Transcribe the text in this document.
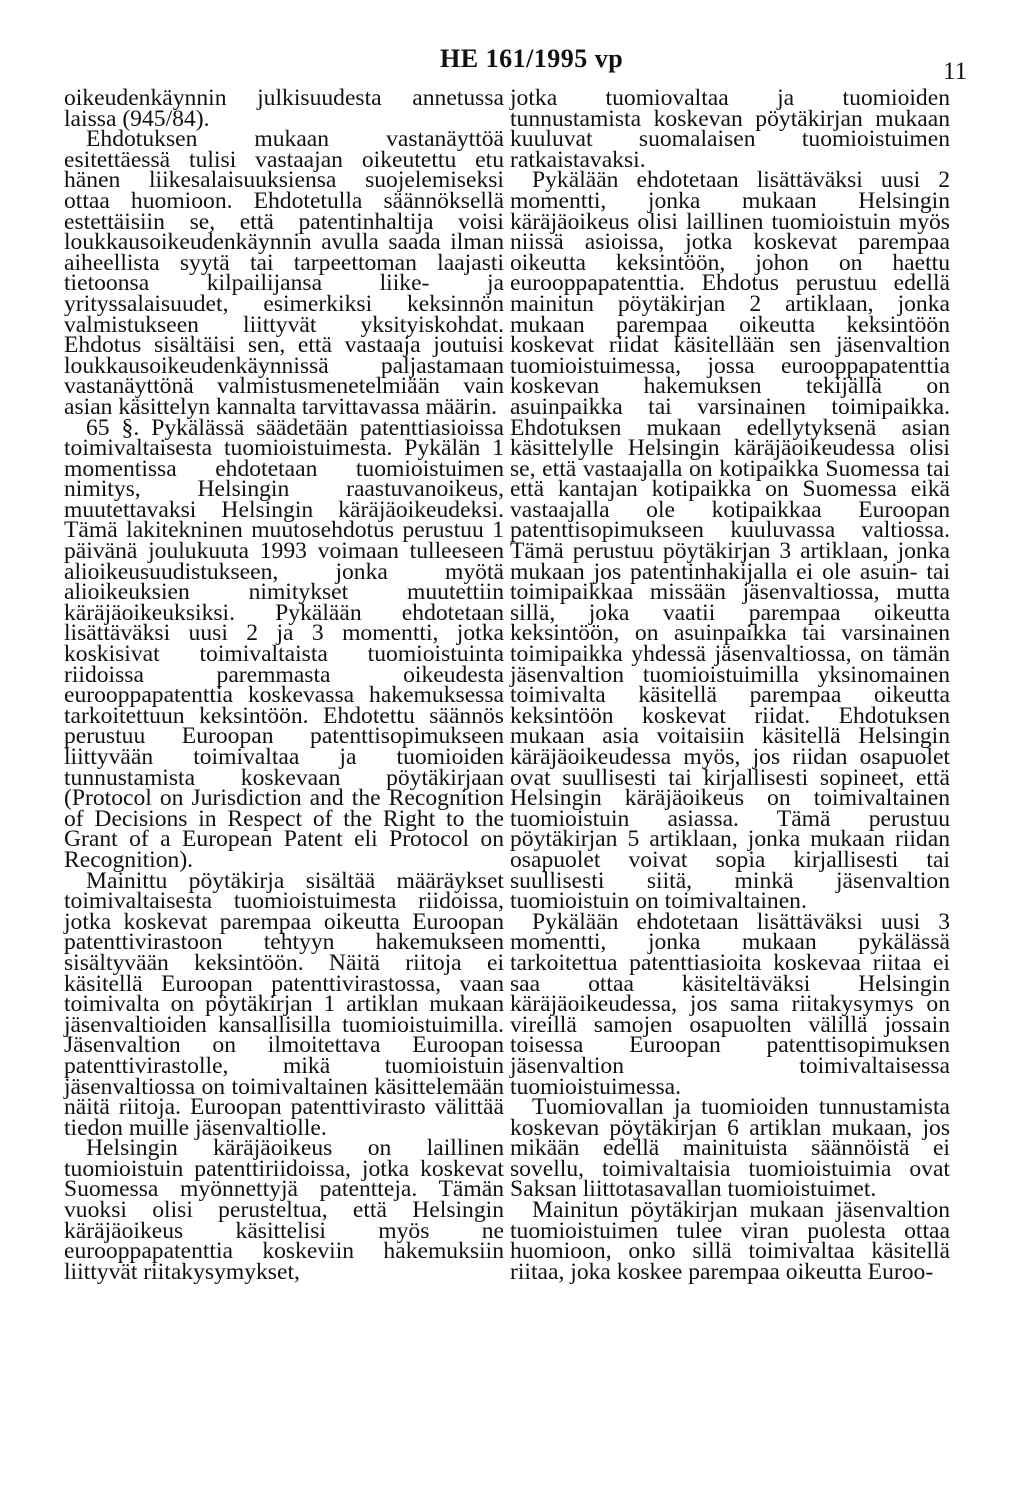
HE 161/1995 vp	11

oikeudenkäynnin julkisuudesta annetussa laissa (945/84).

Ehdotuksen mukaan vastanäyttöä esitettäessä tulisi vastaajan oikeutettu etu hänen liikesalaisuuksiensa suojelemiseksi ottaa huomioon. Ehdotetulla säännöksellä estettäisiin se, että patentinhaltija voisi loukkausoikeudenkäynnin avulla saada ilman aiheellista syytä tai tarpeettoman laajasti tietoonsa kilpailijansa liike- ja yrityssalaisuudet, esimerkiksi keksinnön valmistukseen liittyvät yksityiskohdat. Ehdotus sisältäisi sen, että vastaaja joutuisi loukkausoikeudenkäynnissä paljastamaan vastanäyttönä valmistusmenetelmiään vain asian käsittelyn kannalta tarvittavassa määrin.

65 §. Pykälässä säädetään patenttiasioissa toimivaltaisesta tuomioistuimesta. Pykälän 1 momentissa ehdotetaan tuomioistuimen nimitys, Helsingin raastuvanoikeus, muutettavaksi Helsingin käräjäoikeudeksi. Tämä lakitekninen muutosehdotus perustuu 1 päivänä joulukuuta 1993 voimaan tulleeseen alioikeusuudistukseen, jonka myötä alioikeuksien nimitykset muutettiin käräjäoikeuksiksi. Pykälään ehdotetaan lisättäväksi uusi 2 ja 3 momentti, jotka koskisivat toimivaltaista tuomioistuinta riidoissa paremmasta oikeudesta eurooppapatenttia koskevassa hakemuksessa tarkoitettuun keksintöön. Ehdotettu säännös perustuu Euroopan patenttisopimukseen liittyvään toimivaltaa ja tuomioiden tunnustamista koskevaan pöytäkirjaan (Protocol on Jurisdiction and the Recognition of Decisions in Respect of the Right to the Grant of a European Patent eli Protocol on Recognition).

Mainittu pöytäkirja sisältää määräykset toimivaltaisesta tuomioistuimesta riidoissa, jotka koskevat parempaa oikeutta Euroopan patenttivirastoon tehtyyn hakemukseen sisältyvään keksintöön. Näitä riitoja ei käsitellä Euroopan patenttivirastossa, vaan toimivalta on pöytäkirjan 1 artiklan mukaan jäsenvaltioiden kansallisilla tuomioistuimilla. Jäsenvaltion on ilmoitettava Euroopan patenttivirastolle, mikä tuomioistuin jäsenvaltiossa on toimivaltainen käsittelemään näitä riitoja. Euroopan patenttivirasto välittää tiedon muille jäsenvaltiolle.

Helsingin käräjäoikeus on laillinen tuomioistuin patenttiriidoissa, jotka koskevat Suomessa myönnettyjä patentteja. Tämän vuoksi olisi perusteltua, että Helsingin käräjäoikeus käsittelisi myös ne eurooppapatenttia koskeviin hakemuksiin liittyvät riitakysymykset,

jotka tuomiovaltaa ja tuomioiden tunnustamista koskevan pöytäkirjan mukaan kuuluvat suomalaisen tuomioistuimen ratkaistavaksi.

Pykälään ehdotetaan lisättäväksi uusi 2 momentti, jonka mukaan Helsingin käräjäoikeus olisi laillinen tuomioistuin myös niissä asioissa, jotka koskevat parempaa oikeutta keksintöön, johon on haettu eurooppapatenttia. Ehdotus perustuu edellä mainitun pöytäkirjan 2 artiklaan, jonka mukaan parempaa oikeutta keksintöön koskevat riidat käsitellään sen jäsenvaltion tuomioistuimessa, jossa eurooppapatenttia koskevan hakemuksen tekijällä on asuinpaikka tai varsinainen toimipaikka. Ehdotuksen mukaan edellytyksenä asian käsittelylle Helsingin käräjäoikeudessa olisi se, että vastaajalla on kotipaikka Suomessa tai että kantajan kotipaikka on Suomessa eikä vastaajalla ole kotipaikkaa Euroopan patenttisopimukseen kuuluvassa valtiossa. Tämä perustuu pöytäkirjan 3 artiklaan, jonka mukaan jos patentinhakijalla ei ole asuin- tai toimipaikkaa missään jäsenvaltiossa, mutta sillä, joka vaatii parempaa oikeutta keksintöön, on asuinpaikka tai varsinainen toimipaikka yhdessä jäsenvaltiossa, on tämän jäsenvaltion tuomioistuimilla yksinomainen toimivalta käsitellä parempaa oikeutta keksintöön koskevat riidat. Ehdotuksen mukaan asia voitaisiin käsitellä Helsingin käräjäoikeudessa myös, jos riidan osapuolet ovat suullisesti tai kirjallisesti sopineet, että Helsingin käräjäoikeus on toimivaltainen tuomioistuin asiassa. Tämä perustuu pöytäkirjan 5 artiklaan, jonka mukaan riidan osapuolet voivat sopia kirjallisesti tai suullisesti siitä, minkä jäsenvaltion tuomioistuin on toimivaltainen.

Pykälään ehdotetaan lisättäväksi uusi 3 momentti, jonka mukaan pykälässä tarkoitettua patenttiasioita koskevaa riitaa ei saa ottaa käsiteltäväksi Helsingin käräjäoikeudessa, jos sama riitakysymys on vireillä samojen osapuolten välillä jossain toisessa Euroopan patenttisopimuksen jäsenvaltion toimivaltaisessa tuomioistuimessa.

Tuomiovallan ja tuomioiden tunnustamista koskevan pöytäkirjan 6 artiklan mukaan, jos mikään edellä mainituista säännöistä ei sovellu, toimivaltaisia tuomioistuimia ovat Saksan liittotasavallan tuomioistuimet.

Mainitun pöytäkirjan mukaan jäsenvaltion tuomioistuimen tulee viran puolesta ottaa huomioon, onko sillä toimivaltaa käsitellä riitaa, joka koskee parempaa oikeutta Euroo-
